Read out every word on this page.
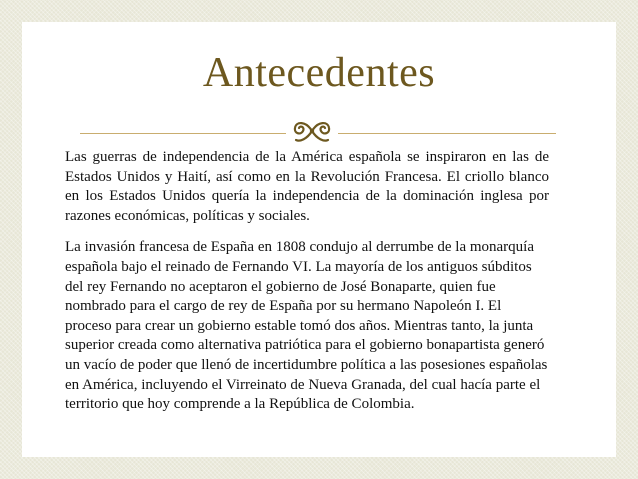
Antecedentes

Las guerras de independencia de la América española se inspiraron en las de Estados Unidos y Haití, así como en la Revolución Francesa. El criollo blanco en los Estados Unidos quería la independencia de la dominación inglesa por razones económicas, políticas y sociales.

La invasión francesa de España en 1808 condujo al derrumbe de la monarquía española bajo el reinado de Fernando VI. La mayoría de los antiguos súbditos del rey Fernando no aceptaron el gobierno de José Bonaparte, quien fue nombrado para el cargo de rey de España por su hermano Napoleón I. El proceso para crear un gobierno estable tomó dos años. Mientras tanto, la junta superior creada como alternativa patriótica para el gobierno bonapartista generó un vacío de poder que llenó de incertidumbre política a las posesiones españolas en América, incluyendo el Virreinato de Nueva Granada, del cual hacía parte el territorio que hoy comprende a la República de Colombia.
